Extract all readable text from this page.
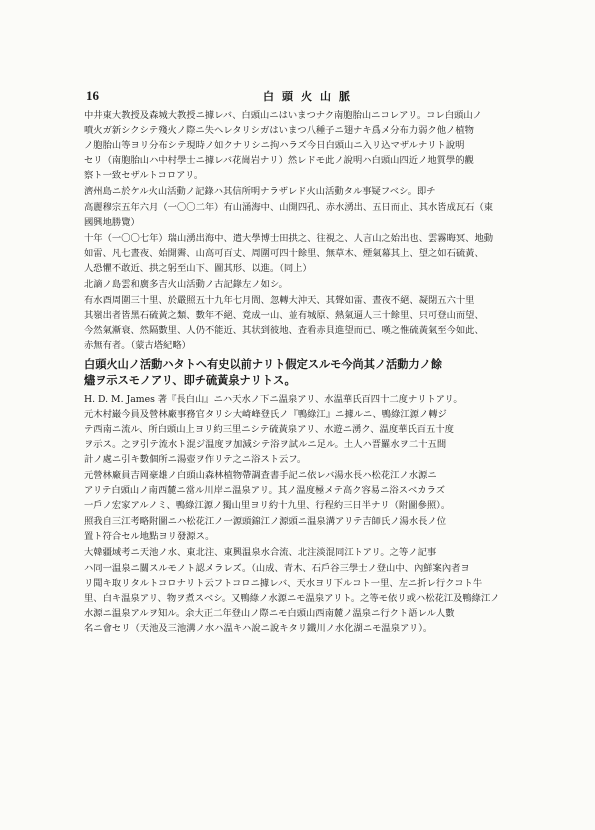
16	白頭火山脈
中井東大教授及森城大教授ニ據レバ、白頭山ニはいまつナク南胞胎山ニコレアリ。コレ白頭山ノ
噴火ガ新シクシテ殘火ノ際ニ失ヘレタリシガはいまつ八種子ニ翅ナキ爲メ分布力弱ク他ノ植物
ノ胞胎山等ヨリ分布シテ現時ノ如クナリシニ拘ハラズ今日白頭山ニ入リ込マザルナリト說明
セリ（南胞胎山ハ中村學士ニ據レバ花崗岩ナリ）然レドモ此ノ說明ハ白頭山四近ノ地質學的觀
察ト一致セザルトコロアリ。
濟州島ニ於ケル火山活動ノ記錄ハ其信所明ナラザレド火山活動タル事疑フベシ。即チ
高麗穆宗五年六月（一〇〇二年）有山涌海中、山開四孔、赤水湧出、五日而止、其水皆成瓦石（東
國興地勝覽）
十年（一〇〇七年）瑞山湧出海中、遣大學博士田拱之、往視之、人言山之始出也、雲霧晦冥、地動
如雷、凡七晝夜、始開霽、山高可百丈、周圍可四十餘里、無草木、煙氣幕其上、望之如石硫黃、
人恐懼不敢近、拱之躬至山下、圖其形、以進。（同上）
北謫ノ島雲和廣多吉火山活動ノ古記錄左ノ如シ。
有水酉周圍三十里、於嚴照五十九年七月間、忽轉大沖天、其聲如雷、晝夜不絕、凝閉五六十里
其嶺出者皆黑石硫黃之類、數年不絕、竟成一山、並有城原、熱氣逼人三十餘里、只可登山而望、
今然氣漸衰、然隔數里、人仍不能近、其状到彼地、査看赤貝進望而已、嘆之惟硫黃氣至今如此、
赤無有者。（蒙古塔紀略）
白頭火山ノ活動ハタトヘ有史以前ナリト假定スルモ今尚其ノ活動力ノ餘
燼ヲ示スモノアリ、即チ硫黃泉ナリトス。
H. D. M. James 著『長白山』ニハ天水ノ下ニ温泉アリ、水温華氏百四十二度ナリトアリ。
元木村巌今員及營林廠事務官タリシ大崎峰登氏ノ『鴨綠江』ニ據ルニ、鴨綠江源ノ轉ジ
テ西南ニ流ル、所白頭山上ヨリ約三里ニシテ硫黃泉アリ、水遊ニ湧ク、温度華氏百五十度
ヲ示ス。之ヲ引テ流水ト混ジ温度ヲ加減シテ浴ヲ試ルニ足ル。土人ハ晋羅水ヲ二十五間
計ノ處ニ引キ數個所ニ湯壺ヲ作リテ之ニ浴スト云フ。
元營林廠員吉岡豪雄ノ白頭山森林植物帶調査書手記ニ依レバ湯水長ハ松花江ノ水源ニ
アリテ白頭山ノ南西麓ニ當ル川岸ニ温泉アリ。其ノ温度極メテ高ク容易ニ浴スベカラズ
一戶ノ宏家アルノミ、鴨綠江源ノ獨山里ヨリ約十九里、行程約三日半ナリ（附圖參照）。
照我自三江考略附圖ニハ松花江ノ一源頭錦江ノ源頭ニ温泉溝アリテ吉師氏ノ湯水長ノ位
置ト符合セル地點ヨリ發源ス。
大韓疆域考ニ天池ノ水、東北注、東興温泉水合流、北注淡混同江トアリ。之等ノ記事
ハ同一温泉ニ關スルモノト認メラレズ。（山成、青木、石戶谷三學士ノ登山中、內鮮案內者ヨ
リ聞キ取リタルトコロナリト云フトコロニ據レバ、天水ヨリ下ルコト一里、左ニ折レ行クコト牛
里、白キ温泉アリ、物ヲ煮スベシ。又鴨綠ノ水源ニモ温泉アリト。之等モ依リ或ハ松花江及鴨綠江ノ
水源ニ温泉アルヲ知ル。余大正二年登山ノ際ニモ白頭山西南麓ノ温泉ニ行クト語レル人數
名ニ會セリ（天池及三池溝ノ水ハ温キハ說ニ說キタリ鐵川ノ水化湖ニモ温泉アリ）。
